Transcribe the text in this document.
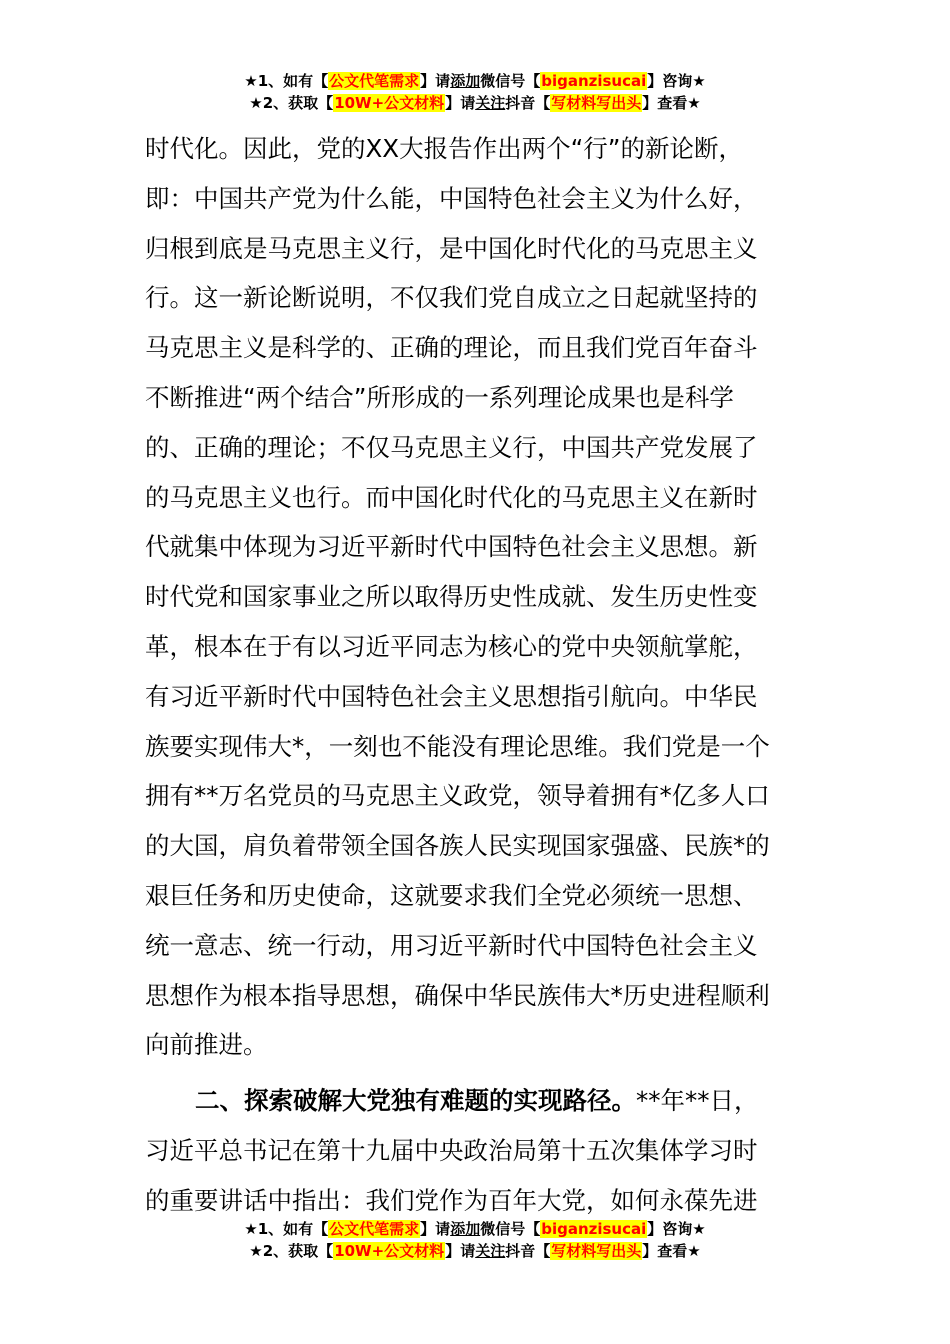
★1、如有【公文代笔需求】请添加微信号【biganzisucai】咨询★
★2、获取【10W+公文材料】请关注抖音【写材料写出头】查看★
时代化。因此，党的XX大报告作出两个“行”的新论断，
即：中国共产党为什么能，中国特色社会主义为什么好，
归根到底是马克思主义行，是中国化时代化的马克思主义
行。这一新论断说明，不仅我们党自成立之日起就坚持的
马克思主义是科学的、正确的理论，而且我们党百年奋斗
不断推进“两个结合”所形成的一系列理论成果也是科学
的、正确的理论；不仅马克思主义行，中国共产党发展了
的马克思主义也行。而中国化时代化的马克思主义在新时
代就集中体现为习近平新时代中国特色社会主义思想。新
时代党和国家事业之所以取得历史性成就、发生历史性变
革，根本在于有以习近平同志为核心的党中央领航掌舵，
有习近平新时代中国特色社会主义思想指引航向。中华民
族要实现伟大*，一刻也不能没有理论思维。我们党是一个
拥有**万名党员的马克思主义政党，领导着拥有*亿多人口
的大国，肩负着带领全国各族人民实现国家强盛、民族*的
艰巨任务和历史使命，这就要求我们全党必须统一思想、
统一意志、统一行动，用习近平新时代中国特色社会主义
思想作为根本指导思想，确保中华民族伟大*历史进程顺利
向前推进。
二、探索破解大党独有难题的实现路径。**年**日，
习近平总书记在第十九届中央政治局第十五次集体学习时
的重要讲话中指出：我们党作为百年大党，如何永葆先进
★1、如有【公文代笔需求】请添加微信号【biganzisucai】咨询★
★2、获取【10W+公文材料】请关注抖音【写材料写出头】查看★
